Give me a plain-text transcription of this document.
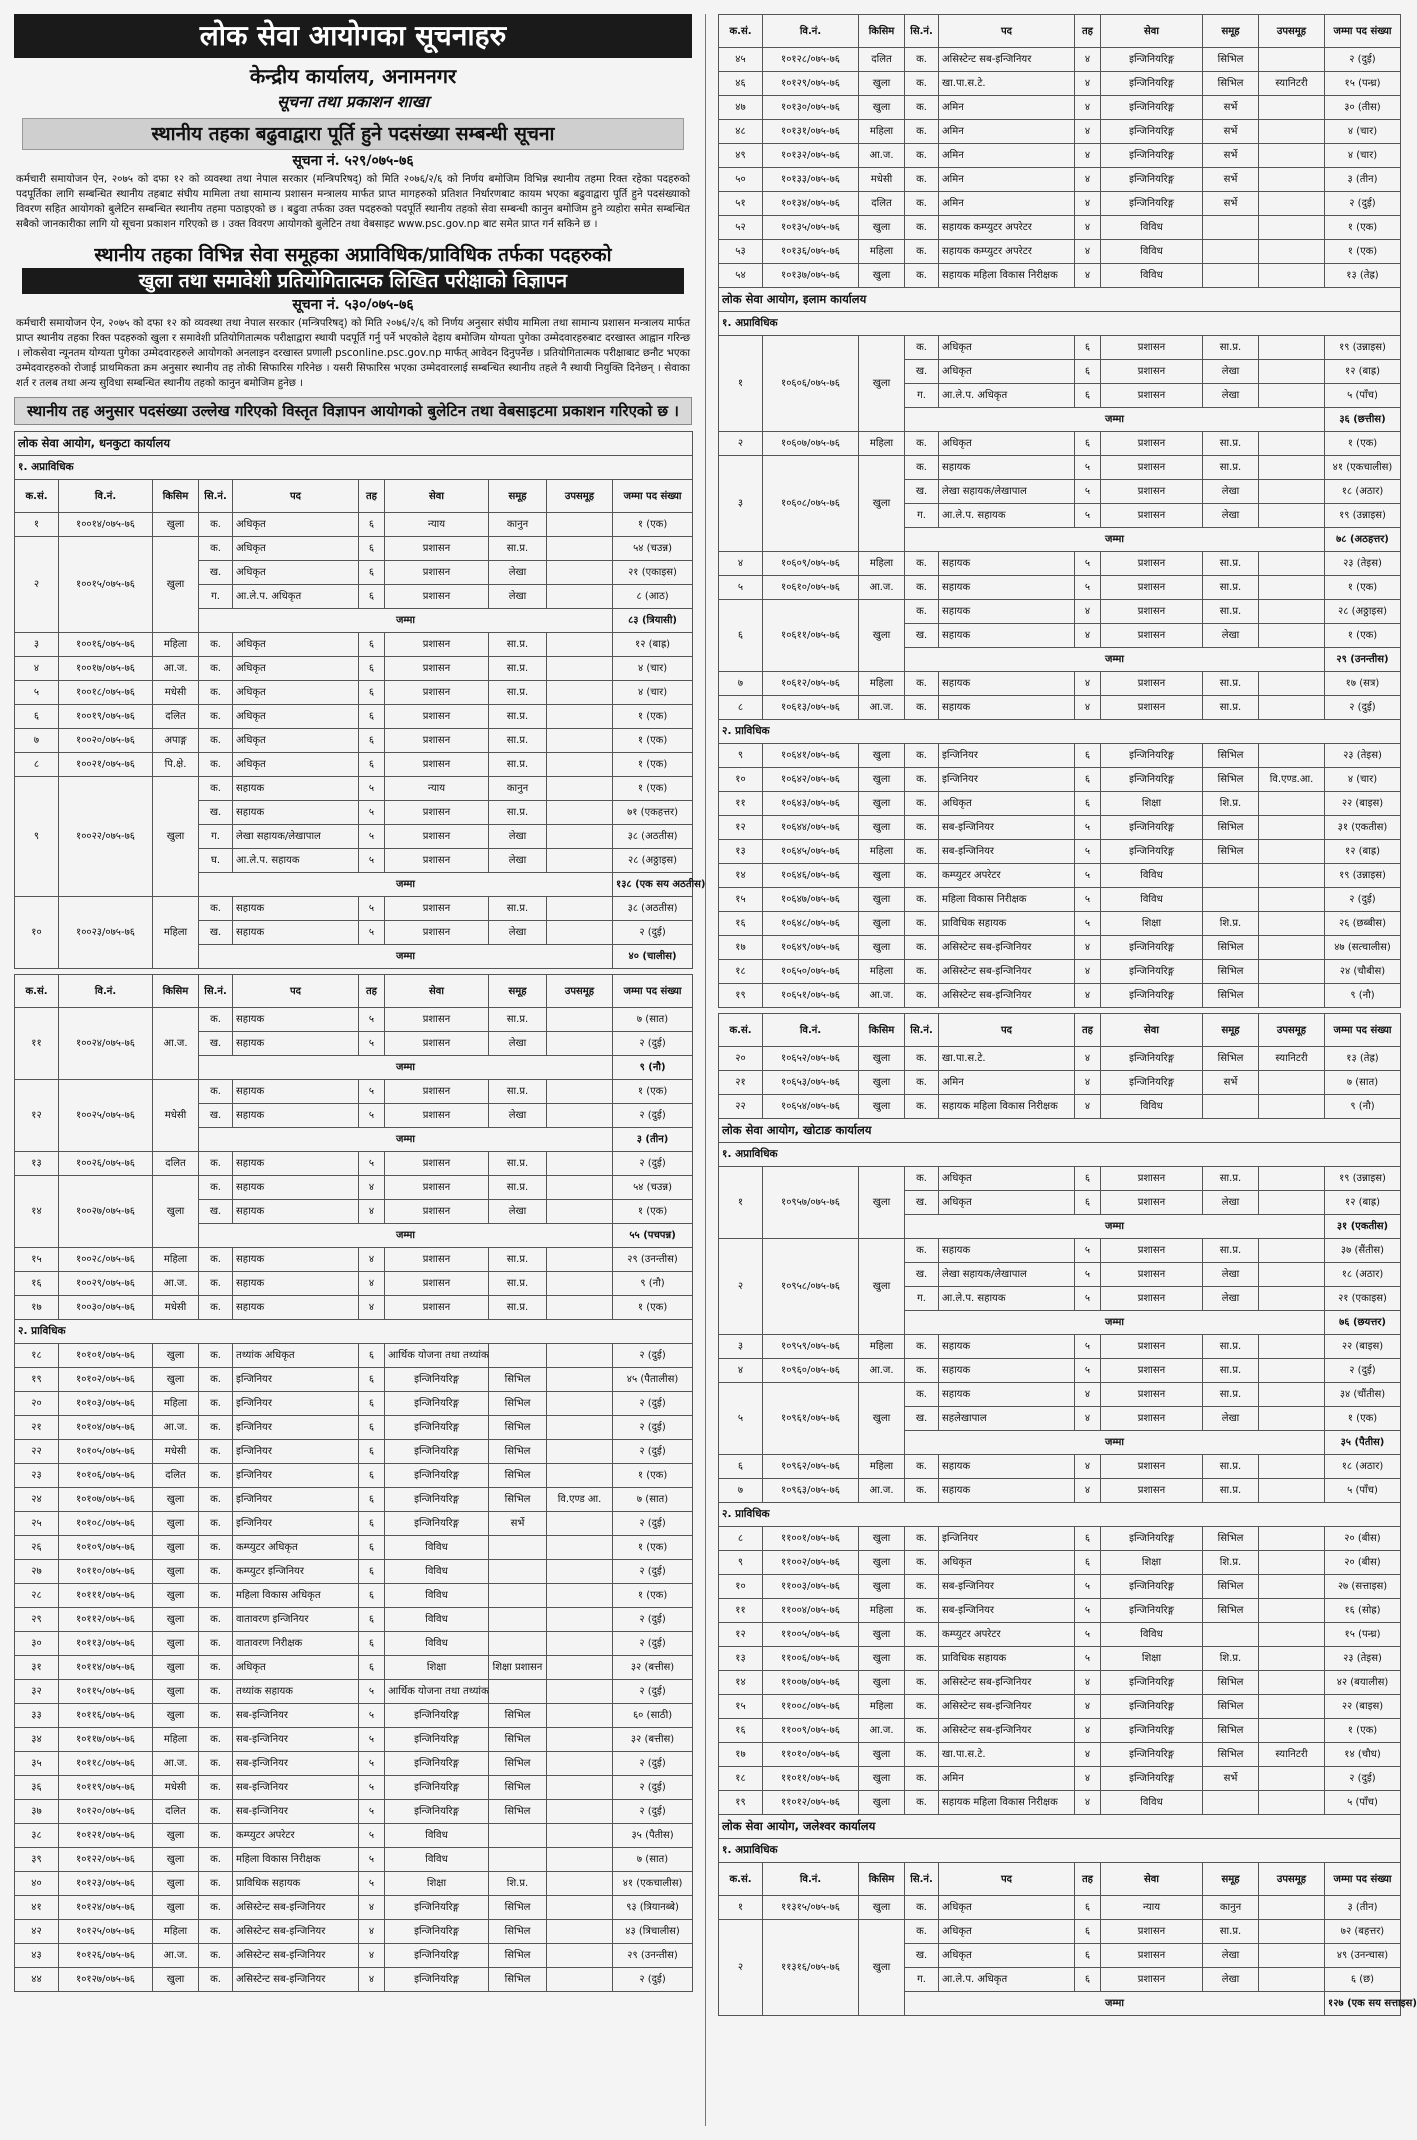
लोक सेवा आयोगका सूचनाहरु
केन्द्रीय कार्यालय, अनामनगर
सूचना तथा प्रकाशन शाखा
स्थानीय तहका बढुवाद्वारा पूर्ति हुने पदसंख्या सम्बन्धी सूचना
सूचना नं. ५२९/०७५-७६
कर्मचारी समायोजन ऐन, २०७५ को दफा १२ को व्यवस्था तथा नेपाल सरकार (मन्त्रिपरिषद्) को मिति २०७६/२/६ को निर्णय बमोजिम विभिन्न स्थानीय तहमा रिक्त रहेका पदहरुको पदपूर्तिका लागि सम्बन्धित स्थानीय तहबाट संघीय मामिला तथा सामान्य प्रशासन मन्त्रालय मार्फत प्राप्त मागहरुको प्रतिशत निर्धारणबाट कायम भएका बढुवाद्वारा पूर्ति हुने पदसंख्याको विवरण सहित आयोगको बुलेटिन सम्बन्धित स्थानीय तहमा पठाइएको छ । बढुवा तर्फका उक्त पदहरुको पदपूर्ति स्थानीय तहको सेवा सम्बन्धी कानुन बमोजिम हुने व्यहोरा समेत सम्बन्धित सबैको जानकारीका लागि यो सूचना प्रकाशन गरिएको छ । उक्त विवरण आयोगको बुलेटिन तथा वेबसाइट www.psc.gov.np बाट समेत प्राप्त गर्न सकिने छ ।
स्थानीय तहका विभिन्न सेवा समूहका अप्राविधिक/प्राविधिक तर्फका पदहरुको
खुला तथा समावेशी प्रतियोगितात्मक लिखित परीक्षाको विज्ञापन
सूचना नं. ५३०/०७५-७६
कर्मचारी समायोजन ऐन, २०७५ को दफा १२ को व्यवस्था तथा नेपाल सरकार (मन्त्रिपरिषद्) को मिति २०७६/२/६ को निर्णय अनुसार संघीय मामिला तथा सामान्य प्रशासन मन्त्रालय मार्फत प्राप्त स्थानीय तहका रिक्त पदहरुको खुला र समावेशी प्रतियोगितात्मक परीक्षाद्वारा स्थायी पदपूर्ति गर्नु पर्ने भएकोले देहाय बमोजिम योग्यता पुगेका उम्मेदवारहरुबाट दरखास्त आह्वान गरिन्छ । लोकसेवा न्यूनतम योग्यता पुगेका उम्मेदवारहरुले आयोगको अनलाइन दरखास्त प्रणाली psconline.psc.gov.np मार्फत् आवेदन दिनुपर्नेछ । प्रतियोगितात्मक परीक्षाबाट छनौट भएका उम्मेदवारहरुको रोजाई प्राथमिकता क्रम अनुसार स्थानीय तह तोकी सिफारिस गरिनेछ । यसरी सिफारिस भएका उम्मेदवारलाई सम्बन्धित स्थानीय तहले नै स्थायी नियुक्ति दिनेछन् । सेवाका शर्त र तलब तथा अन्य सुविधा सम्बन्धित स्थानीय तहको कानुन बमोजिम हुनेछ ।
स्थानीय तह अनुसार पदसंख्या उल्लेख गरिएको विस्तृत विज्ञापन आयोगको बुलेटिन तथा वेबसाइटमा प्रकाशन गरिएको छ ।
लोक सेवा आयोग, धनकुटा कार्यालय									
१. अप्राविधिक									
क.सं.	वि.नं.	किसिम	सि.नं.	पद	तह	सेवा	समूह	उपसमूह	जम्मा पद संख्या
१	१००१४/०७५-७६	खुला	क.	अधिकृत	६	न्याय	कानुन		१ (एक)
२	१००१५/०७५-७६	खुला	क.	अधिकृत	६	प्रशासन	सा.प्र.		५४ (चउन्न)
			ख.	अधिकृत	६	प्रशासन	लेखा		२१ (एकाइस)
			ग.	आ.ले.प. अधिकृत	६	प्रशासन	लेखा		८ (आठ)
			जम्मा						८३ (त्रियासी)
३	१००१६/०७५-७६	महिला	क.	अधिकृत	६	प्रशासन	सा.प्र.		१२ (बाह्र)
४	१००१७/०७५-७६	आ.ज.	क.	अधिकृत	६	प्रशासन	सा.प्र.		४ (चार)
५	१००१८/०७५-७६	मधेसी	क.	अधिकृत	६	प्रशासन	सा.प्र.		४ (चार)
६	१००१९/०७५-७६	दलित	क.	अधिकृत	६	प्रशासन	सा.प्र.		१ (एक)
७	१००२०/०७५-७६	अपाङ्ग	क.	अधिकृत	६	प्रशासन	सा.प्र.		१ (एक)
८	१००२१/०७५-७६	पि.क्षे.	क.	अधिकृत	६	प्रशासन	सा.प्र.		१ (एक)
९	१००२२/०७५-७६	खुला	क.	सहायक	५	न्याय	कानुन		१ (एक)
			ख.	सहायक	५	प्रशासन	सा.प्र.		७१ (एकहत्तर)
			ग.	लेखा सहायक/लेखापाल	५	प्रशासन	लेखा		३८ (अठतीस)
			घ.	आ.ले.प. सहायक	५	प्रशासन	लेखा		२८ (अठ्ठाइस)
			जम्मा						१३८ (एक सय अठतीस)
१०	१००२३/०७५-७६	महिला	क.	सहायक	५	प्रशासन	सा.प्र.		३८ (अठतीस)
			ख.	सहायक	५	प्रशासन	लेखा		२ (दुई)
			जम्मा						४० (चालीस)

क.सं.	वि.नं.	किसिम	सि.नं.	पद	तह	सेवा	समूह	उपसमूह	जम्मा पद संख्या
११	१००२४/०७५-७६	आ.ज.	क.	सहायक	५	प्रशासन	सा.प्र.		७ (सात)
			ख.	सहायक	५	प्रशासन	लेखा		२ (दुई)
			जम्मा						९ (नौ)
१२	१००२५/०७५-७६	मधेसी	क.	सहायक	५	प्रशासन	सा.प्र.		१ (एक)
			ख.	सहायक	५	प्रशासन	लेखा		२ (दुई)
			जम्मा						३ (तीन)
१३	१००२६/०७५-७६	दलित	क.	सहायक	५	प्रशासन	सा.प्र.		२ (दुई)
१४	१००२७/०७५-७६	खुला	क.	सहायक	४	प्रशासन	सा.प्र.		५४ (चउन्न)
			ख.	सहायक	४	प्रशासन	लेखा		१ (एक)
			जम्मा						५५ (पचपन्न)
१५	१००२८/०७५-७६	महिला	क.	सहायक	४	प्रशासन	सा.प्र.		२९ (उनन्तीस)
१६	१००२९/०७५-७६	आ.ज.	क.	सहायक	४	प्रशासन	सा.प्र.		९ (नौ)
१७	१००३०/०७५-७६	मधेसी	क.	सहायक	४	प्रशासन	सा.प्र.		१ (एक)
२. प्राविधिक									
१८	१०१०१/०७५-७६	खुला	क.	तथ्यांक अधिकृत	६	आर्थिक योजना तथा तथ्यांक			२ (दुई)
१९	१०१०२/०७५-७६	खुला	क.	इन्जिनियर	६	इन्जिनियरिङ्ग	सिभिल		४५ (पैतालीस)
२०	१०१०३/०७५-७६	महिला	क.	इन्जिनियर	६	इन्जिनियरिङ्ग	सिभिल		२ (दुई)
२१	१०१०४/०७५-७६	आ.ज.	क.	इन्जिनियर	६	इन्जिनियरिङ्ग	सिभिल		२ (दुई)
२२	१०१०५/०७५-७६	मधेसी	क.	इन्जिनियर	६	इन्जिनियरिङ्ग	सिभिल		२ (दुई)
२३	१०१०६/०७५-७६	दलित	क.	इन्जिनियर	६	इन्जिनियरिङ्ग	सिभिल		१ (एक)
२४	१०१०७/०७५-७६	खुला	क.	इन्जिनियर	६	इन्जिनियरिङ्ग	सिभिल	वि.एण्ड आ.	७ (सात)
२५	१०१०८/०७५-७६	खुला	क.	इन्जिनियर	६	इन्जिनियरिङ्ग	सर्भे		२ (दुई)
२६	१०१०९/०७५-७६	खुला	क.	कम्प्युटर अधिकृत	६	विविध			१ (एक)
२७	१०११०/०७५-७६	खुला	क.	कम्प्युटर इन्जिनियर	६	विविध			२ (दुई)
२८	१०१११/०७५-७६	खुला	क.	महिला विकास अधिकृत	६	विविध			१ (एक)
२९	१०११२/०७५-७६	खुला	क.	वातावरण इन्जिनियर	६	विविध			२ (दुई)
३०	१०११३/०७५-७६	खुला	क.	वातावरण निरीक्षक	६	विविध			२ (दुई)
३१	१०११४/०७५-७६	खुला	क.	अधिकृत	६	शिक्षा	शिक्षा प्रशासन		३२ (बत्तीस)
३२	१०११५/०७५-७६	खुला	क.	तथ्यांक सहायक	५	आर्थिक योजना तथा तथ्यांक			२ (दुई)
३३	१०११६/०७५-७६	खुला	क.	सब-इन्जिनियर	५	इन्जिनियरिङ्ग	सिभिल		६० (साठी)
३४	१०११७/०७५-७६	महिला	क.	सब-इन्जिनियर	५	इन्जिनियरिङ्ग	सिभिल		३२ (बत्तीस)
३५	१०११८/०७५-७६	आ.ज.	क.	सब-इन्जिनियर	५	इन्जिनियरिङ्ग	सिभिल		२ (दुई)
३६	१०११९/०७५-७६	मधेसी	क.	सब-इन्जिनियर	५	इन्जिनियरिङ्ग	सिभिल		२ (दुई)
३७	१०१२०/०७५-७६	दलित	क.	सब-इन्जिनियर	५	इन्जिनियरिङ्ग	सिभिल		२ (दुई)
३८	१०१२१/०७५-७६	खुला	क.	कम्प्युटर अपरेटर	५	विविध			३५ (पैतीस)
३९	१०१२२/०७५-७६	खुला	क.	महिला विकास निरीक्षक	५	विविध			७ (सात)
४०	१०१२३/०७५-७६	खुला	क.	प्राविधिक सहायक	५	शिक्षा	शि.प्र.		४१ (एकचालीस)
४१	१०१२४/०७५-७६	खुला	क.	असिस्टेन्ट सब-इन्जिनियर	४	इन्जिनियरिङ्ग	सिभिल		९३ (त्रियानब्बे)
४२	१०१२५/०७५-७६	महिला	क.	असिस्टेन्ट सब-इन्जिनियर	४	इन्जिनियरिङ्ग	सिभिल		४३ (त्रिचालीस)
४३	१०१२६/०७५-७६	आ.ज.	क.	असिस्टेन्ट सब-इन्जिनियर	४	इन्जिनियरिङ्ग	सिभिल		२९ (उनन्तीस)
४४	१०१२७/०७५-७६	खुला	क.	असिस्टेन्ट सब-इन्जिनियर	४	इन्जिनियरिङ्ग	सिभिल		२ (दुई)
क.सं.	वि.नं.	किसिम	सि.नं.	पद	तह	सेवा	समूह	उपसमूह	जम्मा पद संख्या
४५	१०१२८/०७५-७६	दलित	क.	असिस्टेन्ट सब-इन्जिनियर	४	इन्जिनियरिङ्ग	सिभिल		२ (दुई)
४६	१०१२९/०७५-७६	खुला	क.	खा.पा.स.टे.	४	इन्जिनियरिङ्ग	सिभिल	स्यानिटरी	१५ (पन्ध्र)
४७	१०१३०/०७५-७६	खुला	क.	अमिन	४	इन्जिनियरिङ्ग	सर्भे		३० (तीस)
४८	१०१३१/०७५-७६	महिला	क.	अमिन	४	इन्जिनियरिङ्ग	सर्भे		४ (चार)
४९	१०१३२/०७५-७६	आ.ज.	क.	अमिन	४	इन्जिनियरिङ्ग	सर्भे		४ (चार)
५०	१०१३३/०७५-७६	मधेसी	क.	अमिन	४	इन्जिनियरिङ्ग	सर्भे		३ (तीन)
५१	१०१३४/०७५-७६	दलित	क.	अमिन	४	इन्जिनियरिङ्ग	सर्भे		२ (दुई)
५२	१०१३५/०७५-७६	खुला	क.	सहायक कम्प्युटर अपरेटर	४	विविध			१ (एक)
५३	१०१३६/०७५-७६	महिला	क.	सहायक कम्प्युटर अपरेटर	४	विविध			१ (एक)
५४	१०१३७/०७५-७६	खुला	क.	सहायक महिला विकास निरीक्षक	४	विविध			१३ (तेह्र)
लोक सेवा आयोग, इलाम कार्यालय									
१. अप्राविधिक									
१	१०६०६/०७५-७६	खुला	क.	अधिकृत	६	प्रशासन	सा.प्र.		१९ (उन्नाइस)
			ख.	अधिकृत	६	प्रशासन	लेखा		१२ (बाह्र)
			ग.	आ.ले.प. अधिकृत	६	प्रशासन	लेखा		५ (पाँच)
			जम्मा						३६ (छत्तीस)
२	१०६०७/०७५-७६	महिला	क.	अधिकृत	६	प्रशासन	सा.प्र.		१ (एक)
३	१०६०८/०७५-७६	खुला	क.	सहायक	५	प्रशासन	सा.प्र.		४१ (एकचालीस)
			ख.	लेखा सहायक/लेखापाल	५	प्रशासन	लेखा		१८ (अठार)
			ग.	आ.ले.प. सहायक	५	प्रशासन	लेखा		१९ (उन्नाइस)
			जम्मा						७८ (अठहत्तर)
४	१०६०९/०७५-७६	महिला	क.	सहायक	५	प्रशासन	सा.प्र.		२३ (तेइस)
५	१०६१०/०७५-७६	आ.ज.	क.	सहायक	५	प्रशासन	सा.प्र.		१ (एक)
६	१०६११/०७५-७६	खुला	क.	सहायक	४	प्रशासन	सा.प्र.		२८ (अठ्ठाइस)
			ख.	सहायक	४	प्रशासन	लेखा		१ (एक)
			जम्मा						२९ (उनन्तीस)
७	१०६१२/०७५-७६	महिला	क.	सहायक	४	प्रशासन	सा.प्र.		१७ (सत्र)
८	१०६१३/०७५-७६	आ.ज.	क.	सहायक	४	प्रशासन	सा.प्र.		२ (दुई)
२. प्राविधिक									
९	१०६४१/०७५-७६	खुला	क.	इन्जिनियर	६	इन्जिनियरिङ्ग	सिभिल		२३ (तेइस)
१०	१०६४२/०७५-७६	खुला	क.	इन्जिनियर	६	इन्जिनियरिङ्ग	सिभिल	वि.एण्ड.आ.	४ (चार)
११	१०६४३/०७५-७६	खुला	क.	अधिकृत	६	शिक्षा	शि.प्र.		२२ (बाइस)
१२	१०६४४/०७५-७६	खुला	क.	सब-इन्जिनियर	५	इन्जिनियरिङ्ग	सिभिल		३१ (एकतीस)
१३	१०६४५/०७५-७६	महिला	क.	सब-इन्जिनियर	५	इन्जिनियरिङ्ग	सिभिल		१२ (बाह्र)
१४	१०६४६/०७५-७६	खुला	क.	कम्प्युटर अपरेटर	५	विविध			१९ (उन्नाइस)
१५	१०६४७/०७५-७६	खुला	क.	महिला विकास निरीक्षक	५	विविध			२ (दुई)
१६	१०६४८/०७५-७६	खुला	क.	प्राविधिक सहायक	५	शिक्षा	शि.प्र.		२६ (छब्बीस)
१७	१०६४९/०७५-७६	खुला	क.	असिस्टेन्ट सब-इन्जिनियर	४	इन्जिनियरिङ्ग	सिभिल		४७ (सत्चालीस)
१८	१०६५०/०७५-७६	महिला	क.	असिस्टेन्ट सब-इन्जिनियर	४	इन्जिनियरिङ्ग	सिभिल		२४ (चौबीस)
१९	१०६५१/०७५-७६	आ.ज.	क.	असिस्टेन्ट सब-इन्जिनियर	४	इन्जिनियरिङ्ग	सिभिल		९ (नौ)

क.सं.	वि.नं.	किसिम	सि.नं.	पद	तह	सेवा	समूह	उपसमूह	जम्मा पद संख्या
२०	१०६५२/०७५-७६	खुला	क.	खा.पा.स.टे.	४	इन्जिनियरिङ्ग	सिभिल	स्यानिटरी	१३ (तेह्र)
२१	१०६५३/०७५-७६	खुला	क.	अमिन	४	इन्जिनियरिङ्ग	सर्भे		७ (सात)
२२	१०६५४/०७५-७६	खुला	क.	सहायक महिला विकास निरीक्षक	४	विविध			९ (नौ)
लोक सेवा आयोग, खोटाङ कार्यालय									
१. अप्राविधिक									
१	१०९५७/०७५-७६	खुला	क.	अधिकृत	६	प्रशासन	सा.प्र.		१९ (उन्नाइस)
			ख.	अधिकृत	६	प्रशासन	लेखा		१२ (बाह्र)
			जम्मा						३१ (एकतीस)
२	१०९५८/०७५-७६	खुला	क.	सहायक	५	प्रशासन	सा.प्र.		३७ (सैंतीस)
			ख.	लेखा सहायक/लेखापाल	५	प्रशासन	लेखा		१८ (अठार)
			ग.	आ.ले.प. सहायक	५	प्रशासन	लेखा		२१ (एकाइस)
			जम्मा						७६ (छयत्तर)
३	१०९५९/०७५-७६	महिला	क.	सहायक	५	प्रशासन	सा.प्र.		२२ (बाइस)
४	१०९६०/०७५-७६	आ.ज.	क.	सहायक	५	प्रशासन	सा.प्र.		२ (दुई)
५	१०९६१/०७५-७६	खुला	क.	सहायक	४	प्रशासन	सा.प्र.		३४ (चौंतीस)
			ख.	सहलेखापाल	४	प्रशासन	लेखा		१ (एक)
			जम्मा						३५ (पैतीस)
६	१०९६२/०७५-७६	महिला	क.	सहायक	४	प्रशासन	सा.प्र.		१८ (अठार)
७	१०९६३/०७५-७६	आ.ज.	क.	सहायक	४	प्रशासन	सा.प्र.		५ (पाँच)
२. प्राविधिक									
८	११००१/०७५-७६	खुला	क.	इन्जिनियर	६	इन्जिनियरिङ्ग	सिभिल		२० (बीस)
९	११००२/०७५-७६	खुला	क.	अधिकृत	६	शिक्षा	शि.प्र.		२० (बीस)
१०	११००३/०७५-७६	खुला	क.	सब-इन्जिनियर	५	इन्जिनियरिङ्ग	सिभिल		२७ (सत्ताइस)
११	११००४/०७५-७६	महिला	क.	सब-इन्जिनियर	५	इन्जिनियरिङ्ग	सिभिल		१६ (सोह्र)
१२	११००५/०७५-७६	खुला	क.	कम्प्युटर अपरेटर	५	विविध			१५ (पन्ध्र)
१३	११००६/०७५-७६	खुला	क.	प्राविधिक सहायक	५	शिक्षा	शि.प्र.		२३ (तेइस)
१४	११००७/०७५-७६	खुला	क.	असिस्टेन्ट सब-इन्जिनियर	४	इन्जिनियरिङ्ग	सिभिल		४२ (बयालीस)
१५	११००८/०७५-७६	महिला	क.	असिस्टेन्ट सब-इन्जिनियर	४	इन्जिनियरिङ्ग	सिभिल		२२ (बाइस)
१६	११००९/०७५-७६	आ.ज.	क.	असिस्टेन्ट सब-इन्जिनियर	४	इन्जिनियरिङ्ग	सिभिल		१ (एक)
१७	११०१०/०७५-७६	खुला	क.	खा.पा.स.टे.	४	इन्जिनियरिङ्ग	सिभिल	स्यानिटरी	१४ (चौध)
१८	११०११/०७५-७६	खुला	क.	अमिन	४	इन्जिनियरिङ्ग	सर्भे		२ (दुई)
१९	११०१२/०७५-७६	खुला	क.	सहायक महिला विकास निरीक्षक	४	विविध			५ (पाँच)
लोक सेवा आयोग, जलेश्वर कार्यालय									
१. अप्राविधिक									
क.सं.	वि.नं.	किसिम	सि.नं.	पद	तह	सेवा	समूह	उपसमूह	जम्मा पद संख्या
१	११३१५/०७५-७६	खुला	क.	अधिकृत	६	न्याय	कानुन		३ (तीन)
२	११३१६/०७५-७६	खुला	क.	अधिकृत	६	प्रशासन	सा.प्र.		७२ (बहत्तर)
			ख.	अधिकृत	६	प्रशासन	लेखा		४९ (उनन्चास)
			ग.	आ.ले.प. अधिकृत	६	प्रशासन	लेखा		६ (छ)
			जम्मा						१२७ (एक सय सत्ताइस)
